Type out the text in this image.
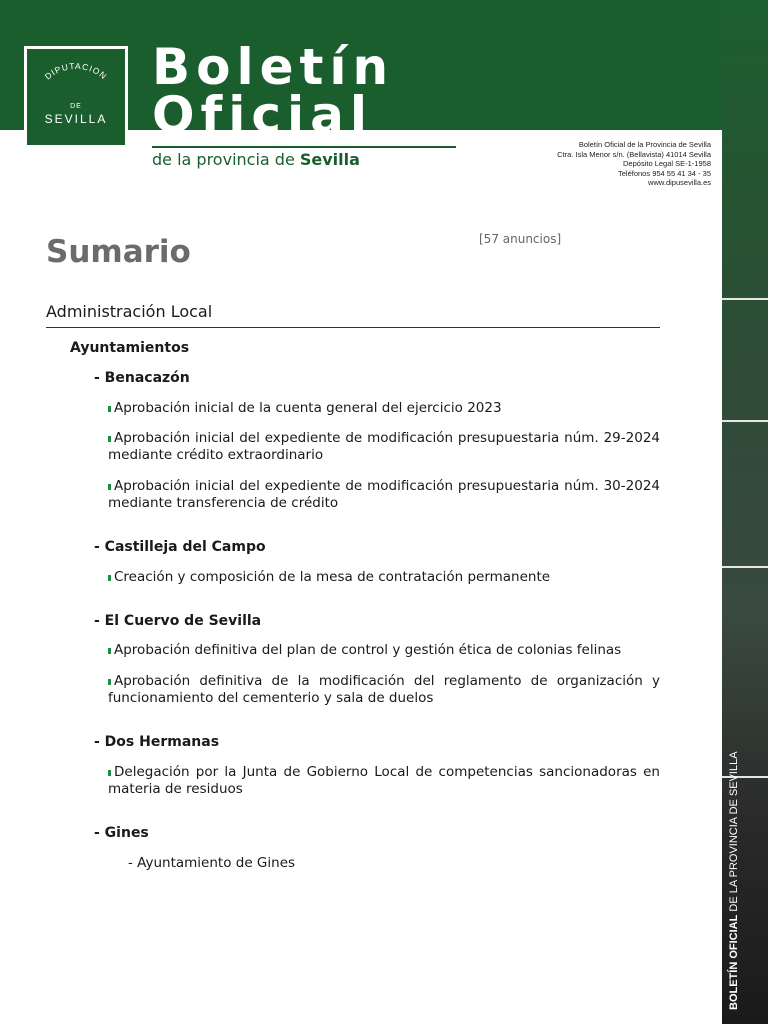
BOLETÍN OFICIAL DE LA PROVINCIA DE SEVILLA
DIPUTACION
DE
SEVILLA
Boletín
Oficial
de la provincia de Sevilla
Boletín Oficial de la Provincia de Sevilla
Ctra. Isla Menor s/n. (Bellavista) 41014 Sevilla
Depósito Legal SE-1-1958
Teléfonos 954 55 41 34 - 35
www.dipusevilla.es
Sumario	[57 anuncios]
Administración Local
Ayuntamientos
- Benacazón
Aprobación inicial de la cuenta general del ejercicio 2023
Aprobación inicial del expediente de modificación presupuestaria núm. 29-2024 mediante crédito extraordinario
Aprobación inicial del expediente de modificación presupuestaria núm. 30-2024 mediante transferencia de crédito
- Castilleja del Campo
Creación y composición de la mesa de contratación permanente
- El Cuervo de Sevilla
Aprobación definitiva del plan de control y gestión ética de colonias felinas
Aprobación definitiva de la modificación del reglamento de organización y funcionamiento del cementerio y sala de duelos
- Dos Hermanas
Delegación por la Junta de Gobierno Local de competencias sancionadoras en materia de residuos
- Gines
- Ayuntamiento de Gines
